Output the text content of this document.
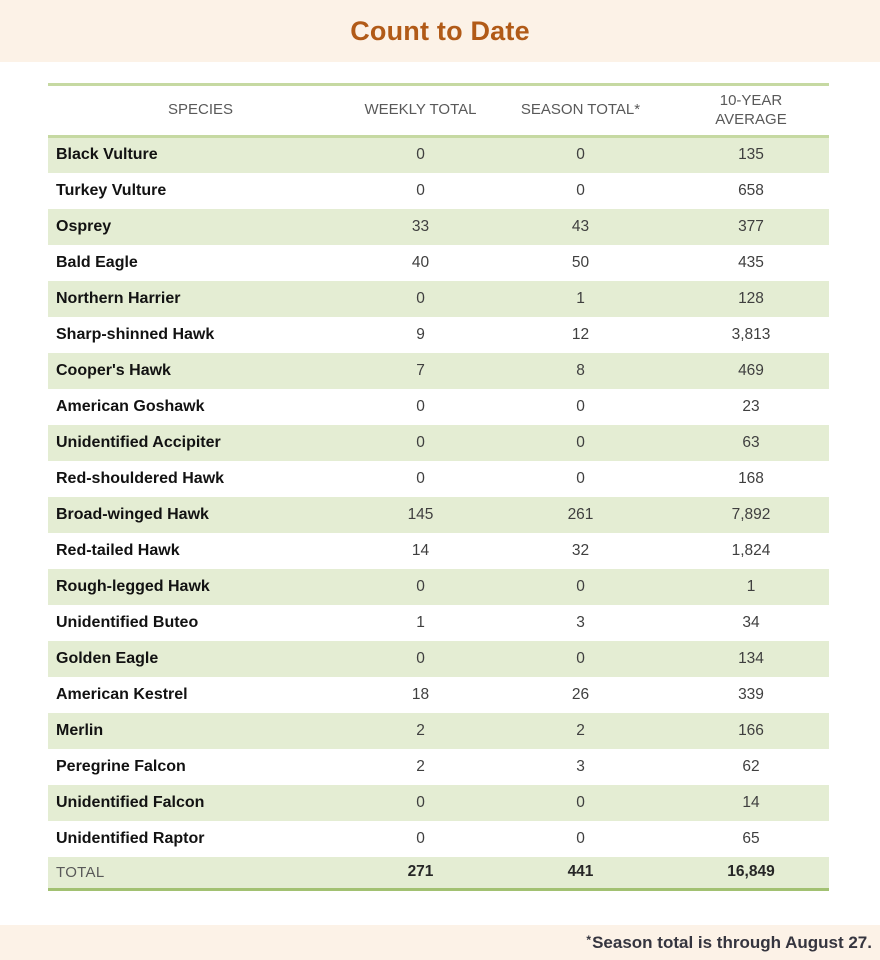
Count to Date
SPECIES	WEEKLY TOTAL	SEASON TOTAL*	10-YEAR AVERAGE
Black Vulture	0	0	135
Turkey Vulture	0	0	658
Osprey	33	43	377
Bald Eagle	40	50	435
Northern Harrier	0	1	128
Sharp-shinned Hawk	9	12	3,813
Cooper's Hawk	7	8	469
American Goshawk	0	0	23
Unidentified Accipiter	0	0	63
Red-shouldered Hawk	0	0	168
Broad-winged Hawk	145	261	7,892
Red-tailed Hawk	14	32	1,824
Rough-legged Hawk	0	0	1
Unidentified Buteo	1	3	34
Golden Eagle	0	0	134
American Kestrel	18	26	339
Merlin	2	2	166
Peregrine Falcon	2	3	62
Unidentified Falcon	0	0	14
Unidentified Raptor	0	0	65
TOTAL	271	441	16,849
*Season total is through August 27.
